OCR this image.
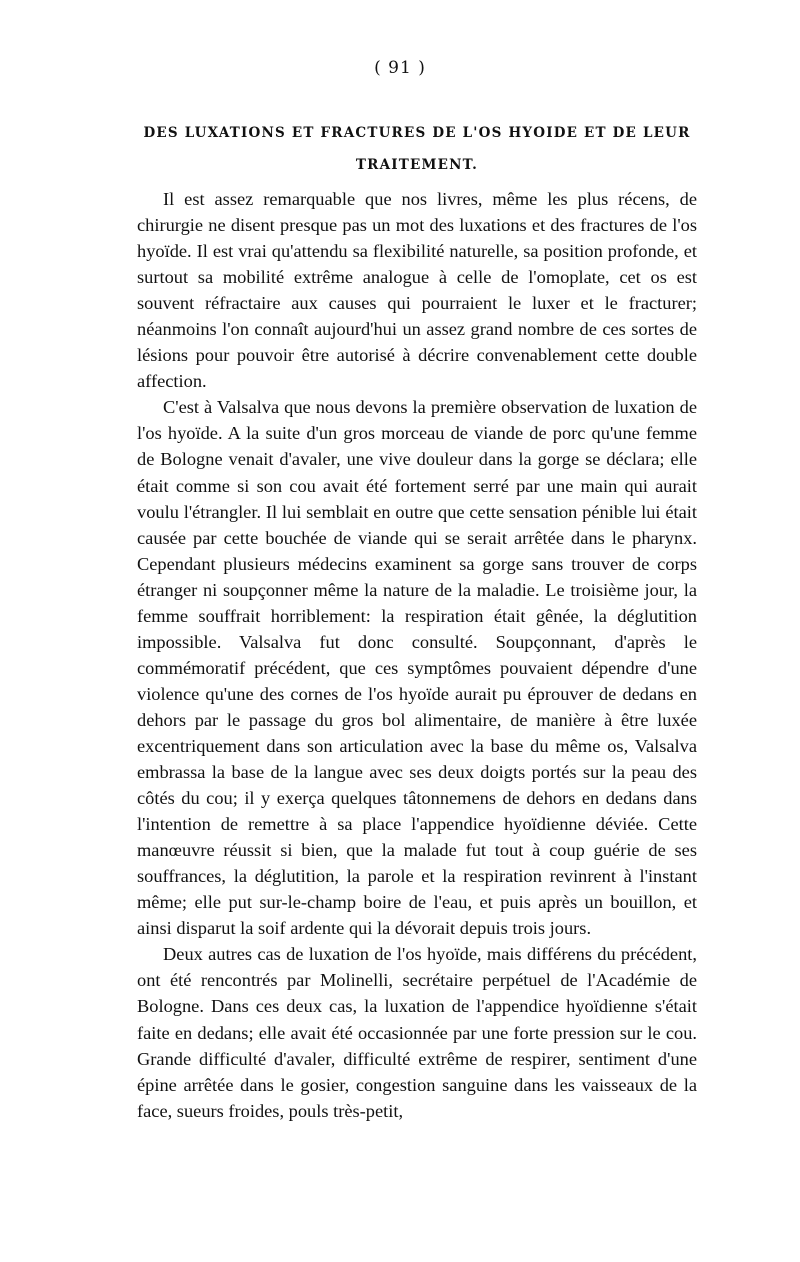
( 91 )
DES LUXATIONS ET FRACTURES DE L'OS HYOIDE ET DE LEUR TRAITEMENT.

Il est assez remarquable que nos livres, même les plus récens, de chirurgie ne disent presque pas un mot des luxations et des fractures de l'os hyoïde. Il est vrai qu'attendu sa flexibilité naturelle, sa position profonde, et surtout sa mobilité extrême analogue à celle de l'omoplate, cet os est souvent réfractaire aux causes qui pourraient le luxer et le fracturer; néanmoins l'on connaît aujourd'hui un assez grand nombre de ces sortes de lésions pour pouvoir être autorisé à décrire convenablement cette double affection.

C'est à Valsalva que nous devons la première observation de luxation de l'os hyoïde. A la suite d'un gros morceau de viande de porc qu'une femme de Bologne venait d'avaler, une vive douleur dans la gorge se déclara; elle était comme si son cou avait été fortement serré par une main qui aurait voulu l'étrangler. Il lui semblait en outre que cette sensation pénible lui était causée par cette bouchée de viande qui se serait arrêtée dans le pharynx. Cependant plusieurs médecins examinent sa gorge sans trouver de corps étranger ni soupçonner même la nature de la maladie. Le troisième jour, la femme souffrait horriblement: la respiration était gênée, la déglutition impossible. Valsalva fut donc consulté. Soupçonnant, d'après le commémoratif précédent, que ces symptômes pouvaient dépendre d'une violence qu'une des cornes de l'os hyoïde aurait pu éprouver de dedans en dehors par le passage du gros bol alimentaire, de manière à être luxée excentriquement dans son articulation avec la base du même os, Valsalva embrassa la base de la langue avec ses deux doigts portés sur la peau des côtés du cou; il y exerça quelques tâtonnemens de dehors en dedans dans l'intention de remettre à sa place l'appendice hyoïdienne déviée. Cette manœuvre réussit si bien, que la malade fut tout à coup guérie de ses souffrances, la déglutition, la parole et la respiration revinrent à l'instant même; elle put sur-le-champ boire de l'eau, et puis après un bouillon, et ainsi disparut la soif ardente qui la dévorait depuis trois jours.

Deux autres cas de luxation de l'os hyoïde, mais différens du précédent, ont été rencontrés par Molinelli, secrétaire perpétuel de l'Académie de Bologne. Dans ces deux cas, la luxation de l'appendice hyoïdienne s'était faite en dedans; elle avait été occasionnée par une forte pression sur le cou. Grande difficulté d'avaler, difficulté extrême de respirer, sentiment d'une épine arrêtée dans le gosier, congestion sanguine dans les vaisseaux de la face, sueurs froides, pouls très-petit,
